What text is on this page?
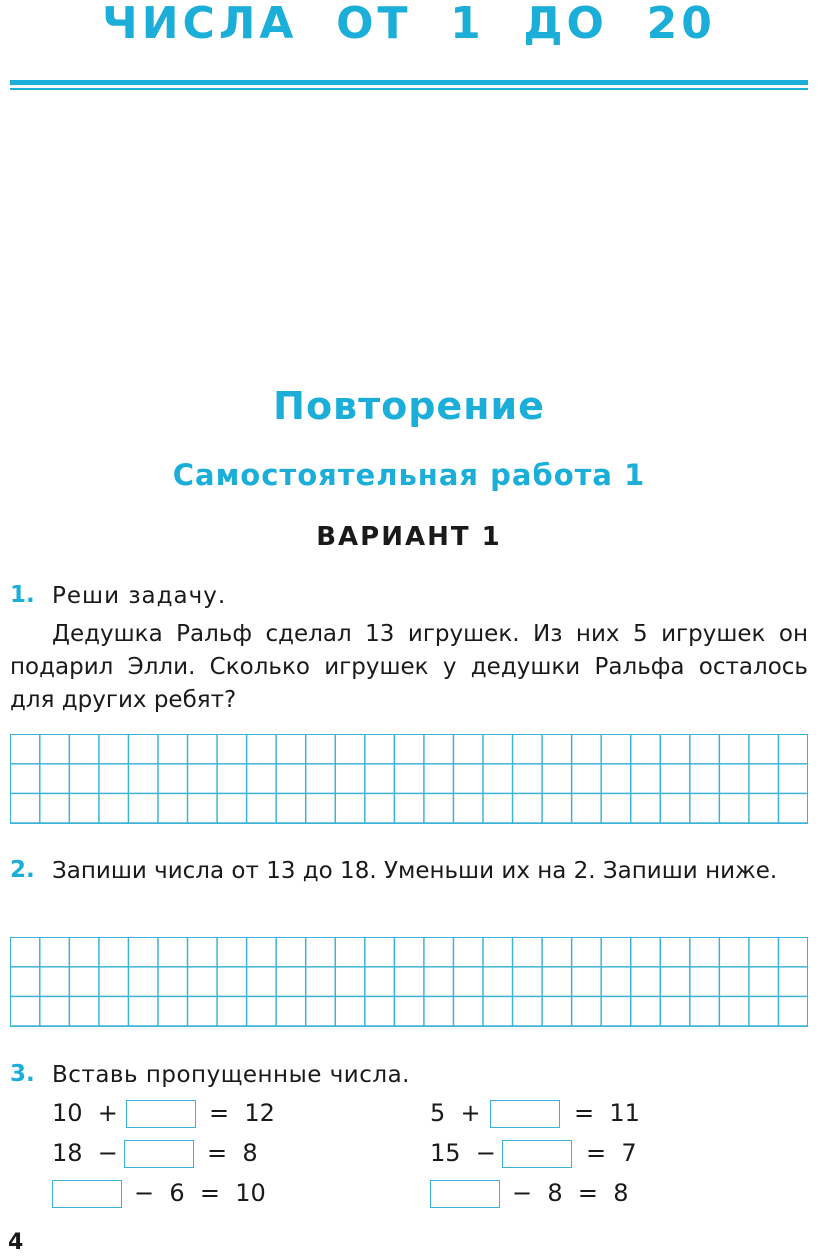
ЧИСЛА  ОТ  1  ДО  20
Повторение
Самостоятельная работа 1
ВАРИАНТ 1
1. Реши задачу.
Дедушка Ральф сделал 13 игрушек. Из них 5 игрушек он подарил Элли. Сколько игрушек у дедушки Ральфа осталось для других ребят?
2. Запиши числа от 13 до 18. Уменьши их на 2. Запиши ниже.
3. Вставь пропущенные числа.
10  +	=  12
18  −	=  8
−  6  =  10
5  +	=  11
15  −	=  7
−  8  =  8
4
